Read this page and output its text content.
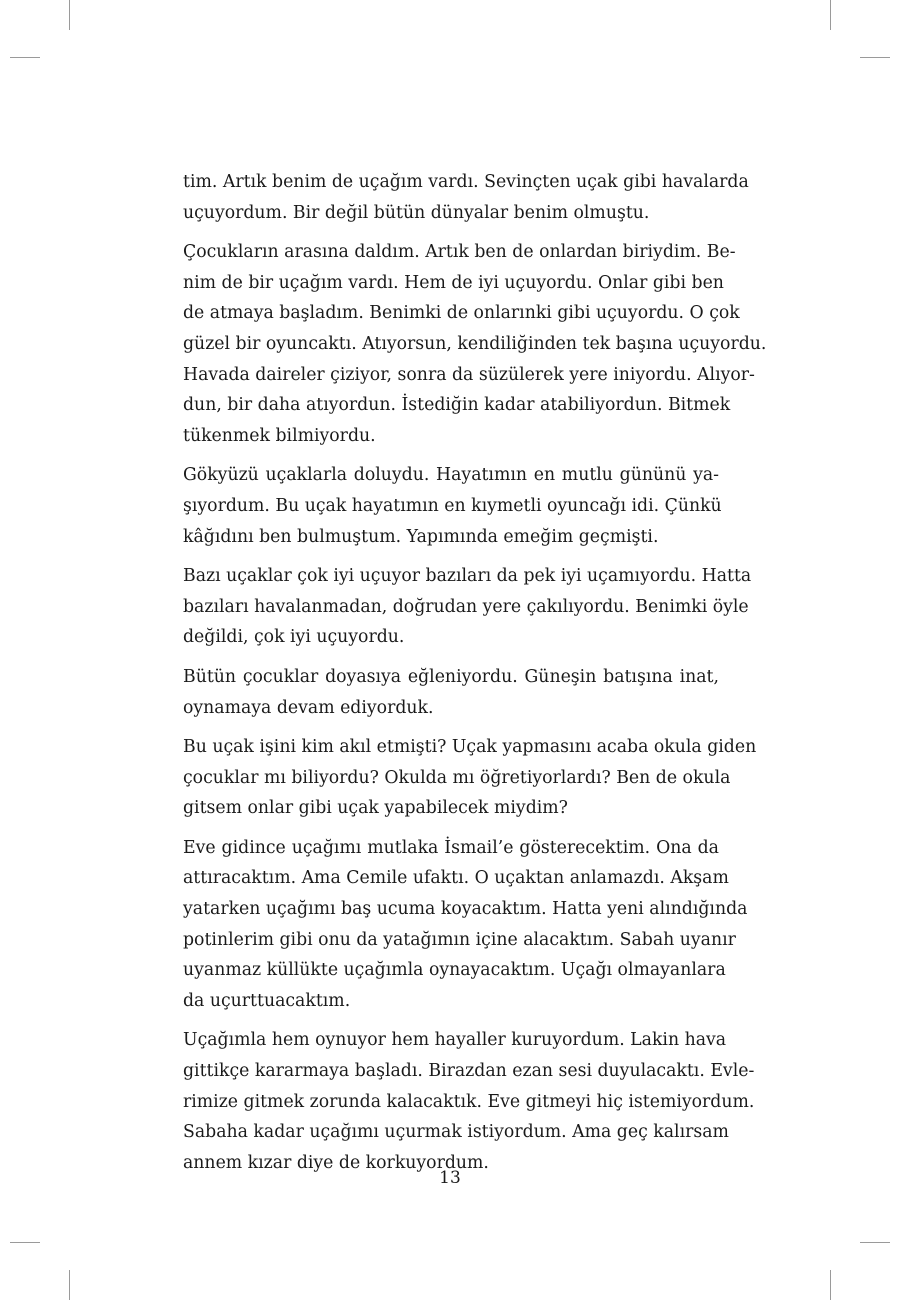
tim. Artık benim de uçağım vardı. Sevinçten uçak gibi havalarda
uçuyordum. Bir değil bütün dünyalar benim olmuştu.
Çocukların arasına daldım. Artık ben de onlardan biriydim. Be-
nim de bir uçağım vardı. Hem de iyi uçuyordu. Onlar gibi ben
de atmaya başladım. Benimki de onlarınki gibi uçuyordu. O çok
güzel bir oyuncaktı. Atıyorsun, kendiliğinden tek başına uçuyordu.
Havada daireler çiziyor, sonra da süzülerek yere iniyordu. Alıyor-
dun, bir daha atıyordun. İstediğin kadar atabiliyordun. Bitmek
tükenmek bilmiyordu.
Gökyüzü uçaklarla doluydu. Hayatımın en mutlu gününü ya-
şıyordum. Bu uçak hayatımın en kıymetli oyuncağı idi. Çünkü
kâğıdını ben bulmuştum. Yapımında emeğim geçmişti.
Bazı uçaklar çok iyi uçuyor bazıları da pek iyi uçamıyordu. Hatta
bazıları havalanmadan, doğrudan yere çakılıyordu. Benimki öyle
değildi, çok iyi uçuyordu.
Bütün çocuklar doyasıya eğleniyordu. Güneşin batışına inat,
oynamaya devam ediyorduk.
Bu uçak işini kim akıl etmişti? Uçak yapmasını acaba okula giden
çocuklar mı biliyordu? Okulda mı öğretiyorlardı? Ben de okula
gitsem onlar gibi uçak yapabilecek miydim?
Eve gidince uçağımı mutlaka İsmail’e gösterecektim. Ona da
attıracaktım. Ama Cemile ufaktı. O uçaktan anlamazdı. Akşam
yatarken uçağımı baş ucuma koyacaktım. Hatta yeni alındığında
potinlerim gibi onu da yatağımın içine alacaktım. Sabah uyanır
uyanmaz küllükte uçağımla oynayacaktım. Uçağı olmayanlara
da uçurttuacaktım.
Uçağımla hem oynuyor hem hayaller kuruyordum. Lakin hava
gittikçe kararmaya başladı. Birazdan ezan sesi duyulacaktı. Evle-
rimize gitmek zorunda kalacaktık. Eve gitmeyi hiç istemiyordum.
Sabaha kadar uçağımı uçurmak istiyordum. Ama geç kalırsam
annem kızar diye de korkuyordum.
13
